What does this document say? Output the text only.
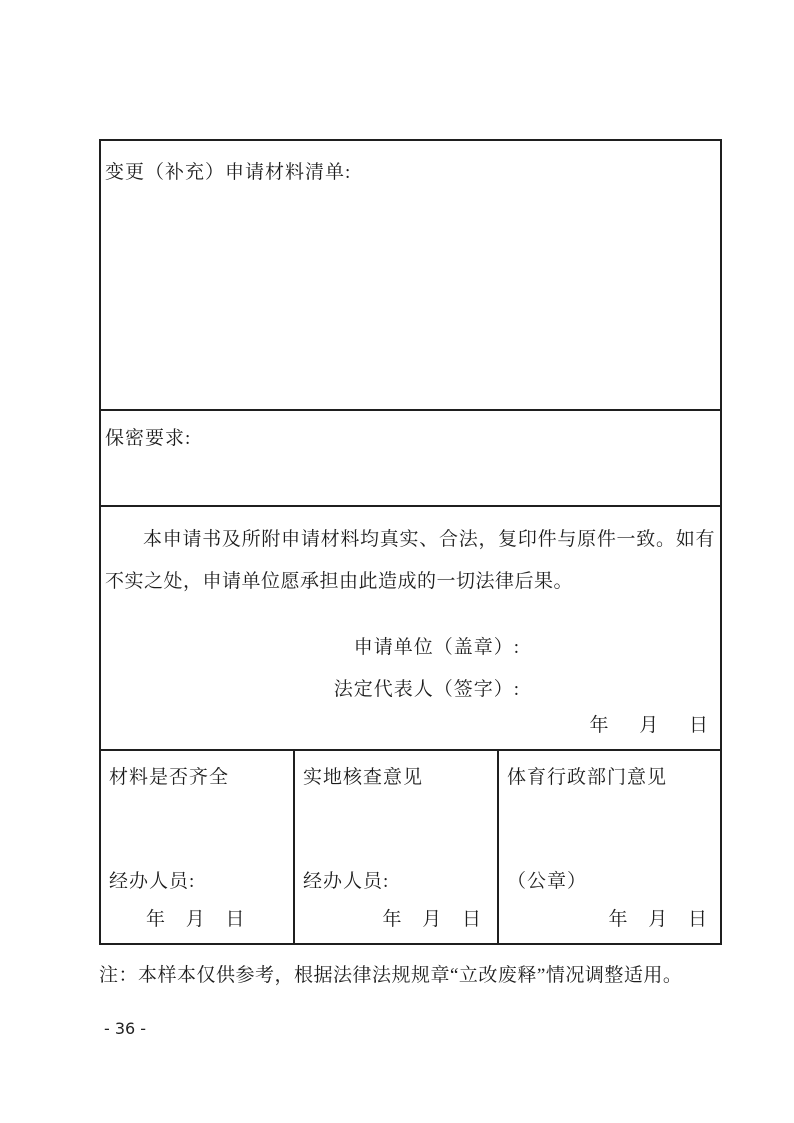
变更（补充）申请材料清单:
保密要求:
本申请书及所附申请材料均真实、合法，复印件与原件一致。如有不实之处，申请单位愿承担由此造成的一切法律后果。
申请单位（盖章）:
法定代表人（签字）:
年 月 日
材料是否齐全
经办人员:
年 月 日
实地核查意见
经办人员:
年 月 日
体育行政部门意见
（公章）
年 月 日
注：本样本仅供参考，根据法律法规规章“立改废释”情况调整适用。
- 36 -
